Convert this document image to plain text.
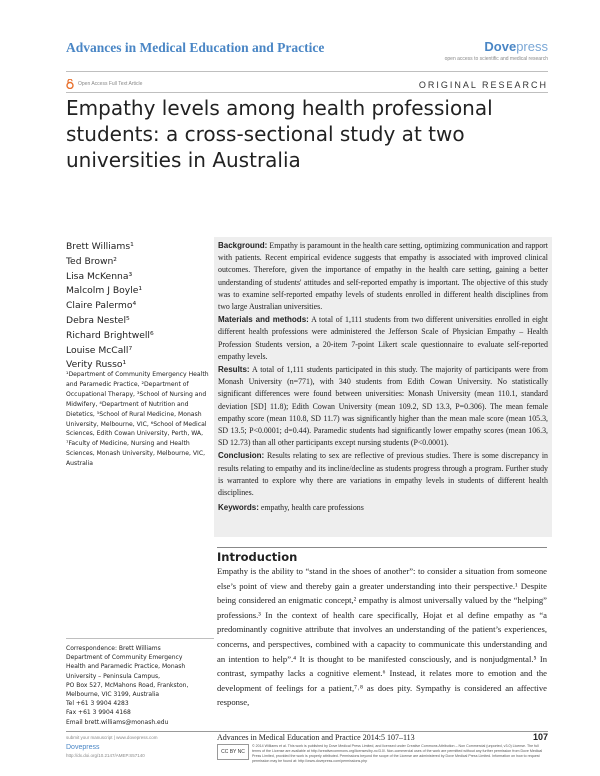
Advances in Medical Education and Practice	Dovepress
open access to scientific and medical research
Open Access Full Text Article	ORIGINAL RESEARCH
Empathy levels among health professional students: a cross-sectional study at two universities in Australia
Brett Williams¹
Ted Brown²
Lisa McKenna³
Malcolm J Boyle¹
Claire Palermo⁴
Debra Nestel⁵
Richard Brightwell⁶
Louise McCall⁷
Verity Russo¹
¹Department of Community Emergency Health and Paramedic Practice, ²Department of Occupational Therapy, ³School of Nursing and Midwifery, ⁴Department of Nutrition and Dietetics, ⁵School of Rural Medicine, Monash University, Melbourne, VIC, ⁶School of Medical Sciences, Edith Cowan University, Perth, WA, ⁷Faculty of Medicine, Nursing and Health Sciences, Monash University, Melbourne, VIC, Australia
Correspondence: Brett Williams
Department of Community Emergency
Health and Paramedic Practice, Monash
University – Peninsula Campus,
PO Box 527, McMahons Road, Frankston,
Melbourne, VIC 3199, Australia
Tel +61 3 9904 4283
Fax +61 3 9904 4168
Email brett.williams@monash.edu

Background: Empathy is paramount in the health care setting, optimizing communication and rapport with patients. Recent empirical evidence suggests that empathy is associated with improved clinical outcomes. Therefore, given the importance of empathy in the health care setting, gaining a better understanding of students' attitudes and self-reported empathy is important. The objective of this study was to examine self-reported empathy levels of students enrolled in different health disciplines from two large Australian universities.

Materials and methods: A total of 1,111 students from two different universities enrolled in eight different health professions were administered the Jefferson Scale of Physician Empathy – Health Profession Students version, a 20-item 7-point Likert scale questionnaire to evaluate self-reported empathy levels.

Results: A total of 1,111 students participated in this study. The majority of participants were from Monash University (n=771), with 340 students from Edith Cowan University. No statistically significant differences were found between universities: Monash University (mean 110.1, standard deviation [SD] 11.8); Edith Cowan University (mean 109.2, SD 13.3, P=0.306). The mean female empathy score (mean 110.8, SD 11.7) was significantly higher than the mean male score (mean 105.3, SD 13.5; P<0.0001; d=0.44). Paramedic students had significantly lower empathy scores (mean 106.3, SD 12.73) than all other participants except nursing students (P<0.0001).

Conclusion: Results relating to sex are reflective of previous studies. There is some discrepancy in results relating to empathy and its incline/decline as students progress through a program. Further study is warranted to explore why there are variations in empathy levels in students of different health disciplines.

Keywords: empathy, health care professions

Introduction
Empathy is the ability to “stand in the shoes of another”: to consider a situation from someone else’s point of view and thereby gain a greater understanding into their perspective.¹ Despite being considered an enigmatic concept,² empathy is almost universally valued by the “helping” professions.³ In the context of health care specifically, Hojat et al define empathy as “a predominantly cognitive attribute that involves an understanding of the patient’s experiences, concerns, and perspectives, combined with a capacity to communicate this understanding and an intention to help”.⁴ It is thought to be manifested consciously, and is nonjudgmental.⁵ In contrast, sympathy lacks a cognitive element.⁶ Instead, it relates more to emotion and the development of feelings for a patient,⁷˒⁸ as does pity. Sympathy is considered an affective response,
submit your manuscript | www.dovepress.com
Dovepress
http://dx.doi.org/10.2147/AMEP.S57140
Advances in Medical Education and Practice 2014:5 107–113	107
CC BY NC
© 2014 Williams et al. This work is published by Dove Medical Press Limited, and licensed under Creative Commons Attribution – Non Commercial (unported, v3.0) License. The full terms of the License are available at http://creativecommons.org/licenses/by-nc/3.0/. Non-commercial uses of the work are permitted without any further permission from Dove Medical Press Limited, provided the work is properly attributed. Permissions beyond the scope of the License are administered by Dove Medical Press Limited. Information on how to request permission may be found at: http://www.dovepress.com/permissions.php
